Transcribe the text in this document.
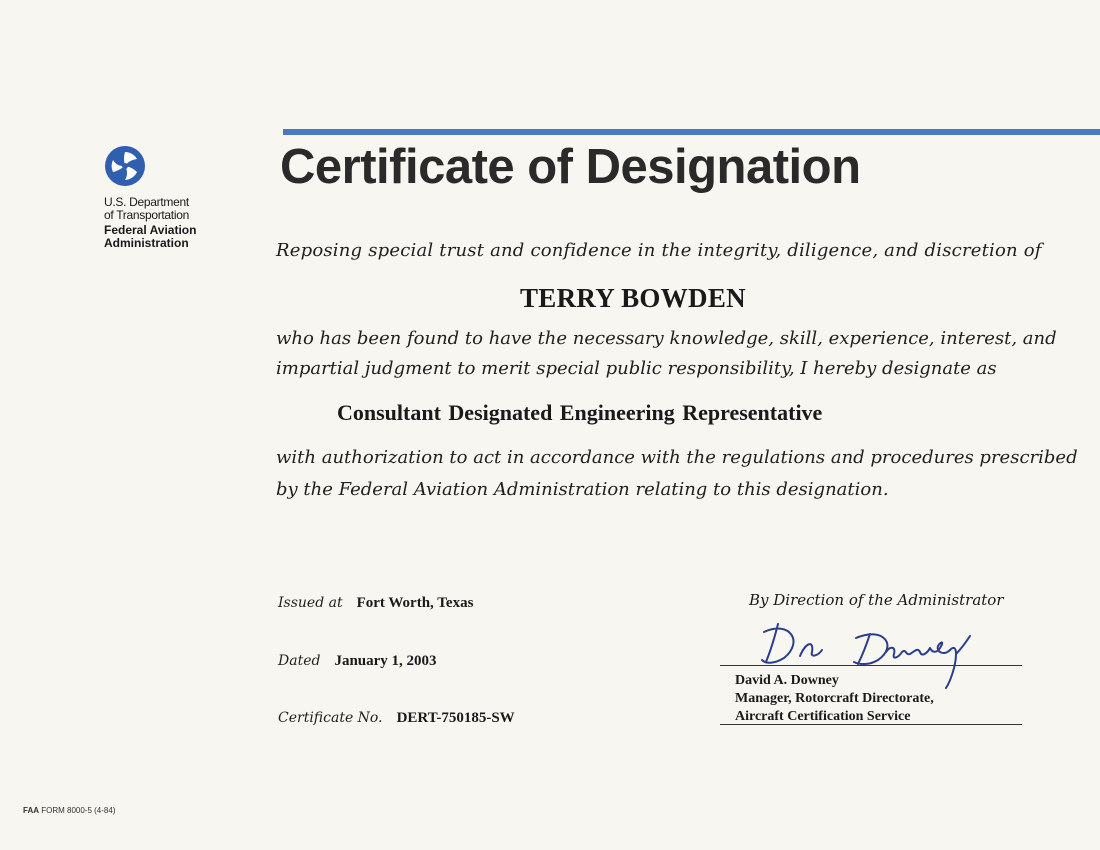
U.S. Department
of Transportation
Federal Aviation
Administration
Certificate of Designation
Reposing special trust and confidence in the integrity, diligence, and discretion of
TERRY BOWDEN
who has been found to have the necessary knowledge, skill, experience, interest, and
impartial judgment to merit special public responsibility, I hereby designate as
Consultant Designated Engineering Representative
with authorization to act in accordance with the regulations and procedures prescribed
by the Federal Aviation Administration relating to this designation.
Issued at Fort Worth, Texas
Dated January 1, 2003
Certificate No. DERT-750185-SW
By Direction of the Administrator
David A. Downey
Manager, Rotorcraft Directorate,
Aircraft Certification Service
FAA FORM 8000-5 (4-84)
